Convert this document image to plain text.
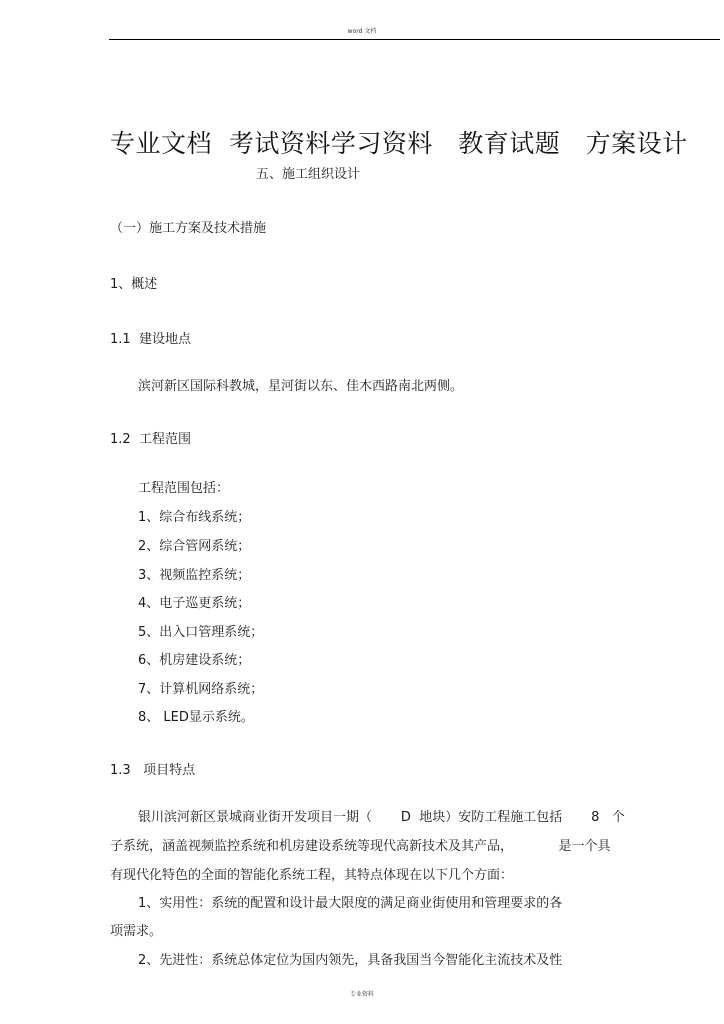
word 文档
专业文档  考试资料学习资料   教育试题   方案设计
五、施工组织设计
（一）施工方案及技术措施
1、概述
1.1  建设地点
滨河新区国际科教城，星河街以东、佳木西路南北两侧。
1.2  工程范围
工程范围包括：
1、综合布线系统；
2、综合管网系统；
3、视频监控系统；
4、电子巡更系统；
5、出入口管理系统；
6、机房建设系统；
7、计算机网络系统；
8、 LED显示系统。
1.3   项目特点
银川滨河新区景城商业街开发项目一期（       D  地块）安防工程施工包括       8   个
子系统，涵盖视频监控系统和机房建设系统等现代高新技术及其产品，           是一个具
有现代化特色的全面的智能化系统工程，其特点体现在以下几个方面：
1、实用性：系统的配置和设计最大限度的满足商业街使用和管理要求的各
项需求。
2、先进性：系统总体定位为国内领先，具备我国当今智能化主流技术及性
专业资料
